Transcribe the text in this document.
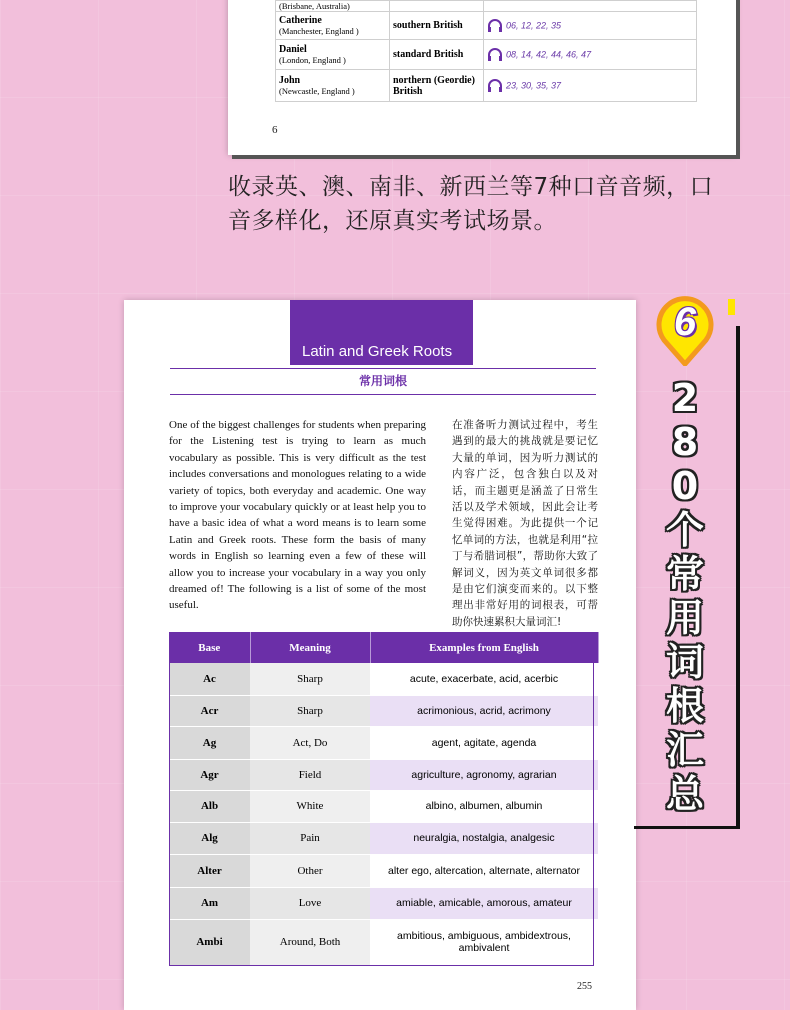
(Brisbane, Australia)		

Catherine
(Manchester, England )	southern British	06, 12, 22, 35

Daniel
(London, England )	standard British	08, 14, 42, 44, 46, 47

John
(Newcastle, England )	northern (Geordie)
British	23, 30, 35, 37
6
收录英、澳、南非、新西兰等7种口音音频，口
音多样化，还原真实考试场景。
Latin and Greek Roots
常用词根
One of the biggest challenges for students when preparing for the Listening test is trying to learn as much vocabulary as possible. This is very difficult as the test includes conversations and monologues relating to a wide variety of topics, both everyday and academic. One way to improve your vocabulary quickly or at least help you to have a basic idea of what a word means is to learn some Latin and Greek roots. These form the basis of many words in English so learning even a few of these will allow you to increase your vocabulary in a way you only dreamed of! The following is a list of some of the most useful.
在准备听力测试过程中，考生遇到的最大的挑战就是要记忆大量的单词，因为听力测试的内容广泛，包含独白以及对话，而主题更是涵盖了日常生活以及学术领域，因此会让考生觉得困难。为此提供一个记忆单词的方法，也就是利用“拉丁与希腊词根”，帮助你大致了解词义，因为英文单词很多都是由它们演变而来的。以下整理出非常好用的词根表，可帮助你快速累积大量词汇!
Base	Meaning	Examples from English
Ac	Sharp	acute, exacerbate, acid, acerbic
Acr	Sharp	acrimonious, acrid, acrimony
Ag	Act, Do	agent, agitate, agenda
Agr	Field	agriculture, agronomy, agrarian
Alb	White	albino, albumen, albumin
Alg	Pain	neuralgia, nostalgia, analgesic
Alter	Other	alter ego, altercation, alternate, alternator
Am	Love	amiable, amicable, amorous, amateur
Ambi	Around, Both	ambitious, ambiguous, ambidextrous, ambivalent
255
6
2
8
0
个
常
用
词
根
汇
总
